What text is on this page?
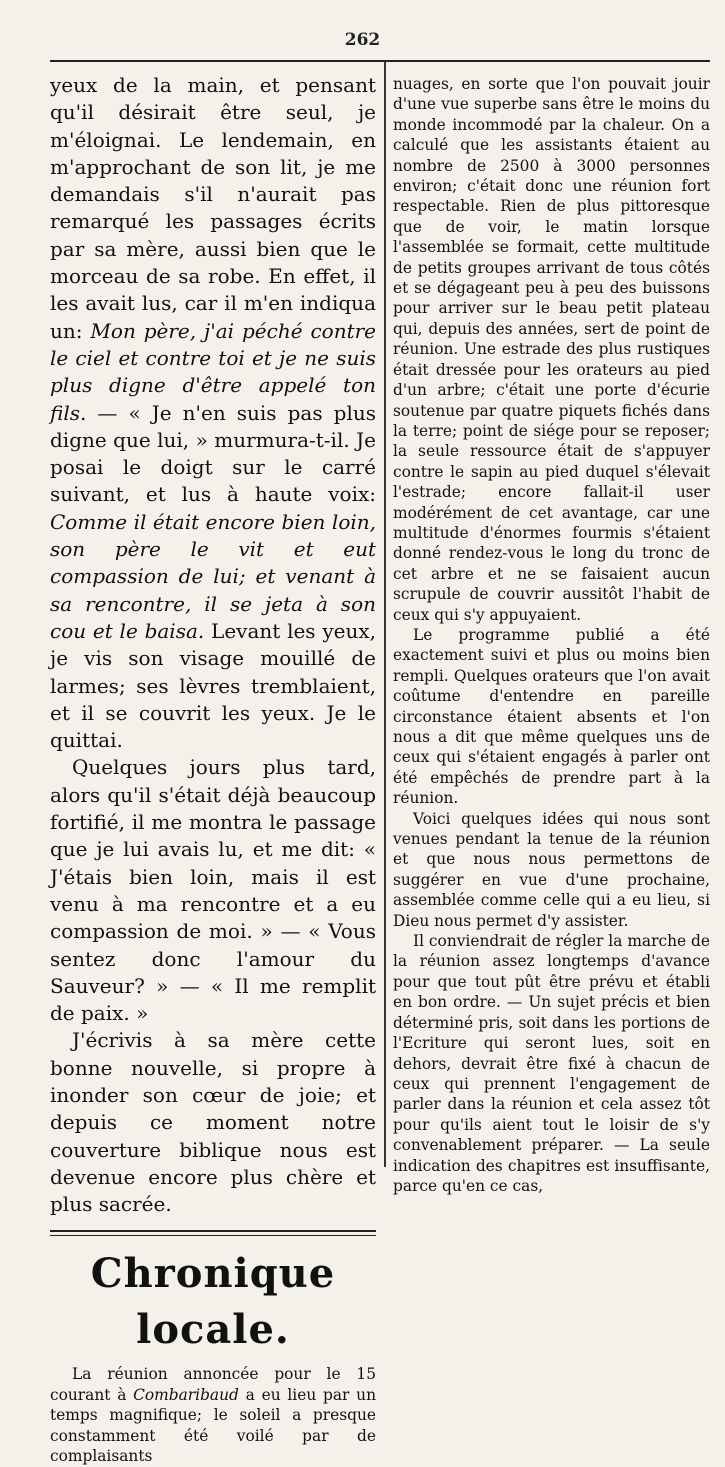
262

yeux de la main, et pensant qu'il désirait être seul, je m'éloignai. Le lendemain, en m'approchant de son lit, je me demandais s'il n'aurait pas remarqué les passages écrits par sa mère, aussi bien que le morceau de sa robe. En effet, il les avait lus, car il m'en indiqua un: Mon père, j'ai péché contre le ciel et contre toi et je ne suis plus digne d'être appelé ton fils. — « Je n'en suis pas plus digne que lui, » murmura-t-il. Je posai le doigt sur le carré suivant, et lus à haute voix: Comme il était encore bien loin, son père le vit et eut compassion de lui; et venant à sa rencontre, il se jeta à son cou et le baisa. Levant les yeux, je vis son visage mouillé de larmes; ses lèvres tremblaient, et il se couvrit les yeux. Je le quittai.

Quelques jours plus tard, alors qu'il s'était déjà beaucoup fortifié, il me montra le passage que je lui avais lu, et me dit: « J'étais bien loin, mais il est venu à ma rencontre et a eu compassion de moi. » — « Vous sentez donc l'amour du Sauveur? » — « Il me remplit de paix. »

J'écrivis à sa mère cette bonne nouvelle, si propre à inonder son cœur de joie; et depuis ce moment notre couverture biblique nous est devenue encore plus chère et plus sacrée.

Chronique locale.

La réunion annoncée pour le 15 courant à Combaribaud a eu lieu par un temps magnifique; le soleil a presque constamment été voilé par de complaisants

nuages, en sorte que l'on pouvait jouir d'une vue superbe sans être le moins du monde incommodé par la chaleur. On a calculé que les assistants étaient au nombre de 2500 à 3000 personnes environ; c'était donc une réunion fort respectable. Rien de plus pittoresque que de voir, le matin lorsque l'assemblée se formait, cette multitude de petits groupes arrivant de tous côtés et se dégageant peu à peu des buissons pour arriver sur le beau petit plateau qui, depuis des années, sert de point de réunion. Une estrade des plus rustiques était dressée pour les orateurs au pied d'un arbre; c'était une porte d'écurie soutenue par quatre piquets fichés dans la terre; point de siége pour se reposer; la seule ressource était de s'appuyer contre le sapin au pied duquel s'élevait l'estrade; encore fallait-il user modérément de cet avantage, car une multitude d'énormes fourmis s'étaient donné rendez-vous le long du tronc de cet arbre et ne se faisaient aucun scrupule de couvrir aussitôt l'habit de ceux qui s'y appuyaient.

Le programme publié a été exactement suivi et plus ou moins bien rempli. Quelques orateurs que l'on avait coûtume d'entendre en pareille circonstance étaient absents et l'on nous a dit que même quelques uns de ceux qui s'étaient engagés à parler ont été empêchés de prendre part à la réunion.

Voici quelques idées qui nous sont venues pendant la tenue de la réunion et que nous nous permettons de suggérer en vue d'une prochaine, assemblée comme celle qui a eu lieu, si Dieu nous permet d'y assister.

Il conviendrait de régler la marche de la réunion assez longtemps d'avance pour que tout pût être prévu et établi en bon ordre. — Un sujet précis et bien déterminé pris, soit dans les portions de l'Ecriture qui seront lues, soit en dehors, devrait être fixé à chacun de ceux qui prennent l'engagement de parler dans la réunion et cela assez tôt pour qu'ils aient tout le loisir de s'y convenablement préparer. — La seule indication des chapitres est insuffisante, parce qu'en ce cas,
